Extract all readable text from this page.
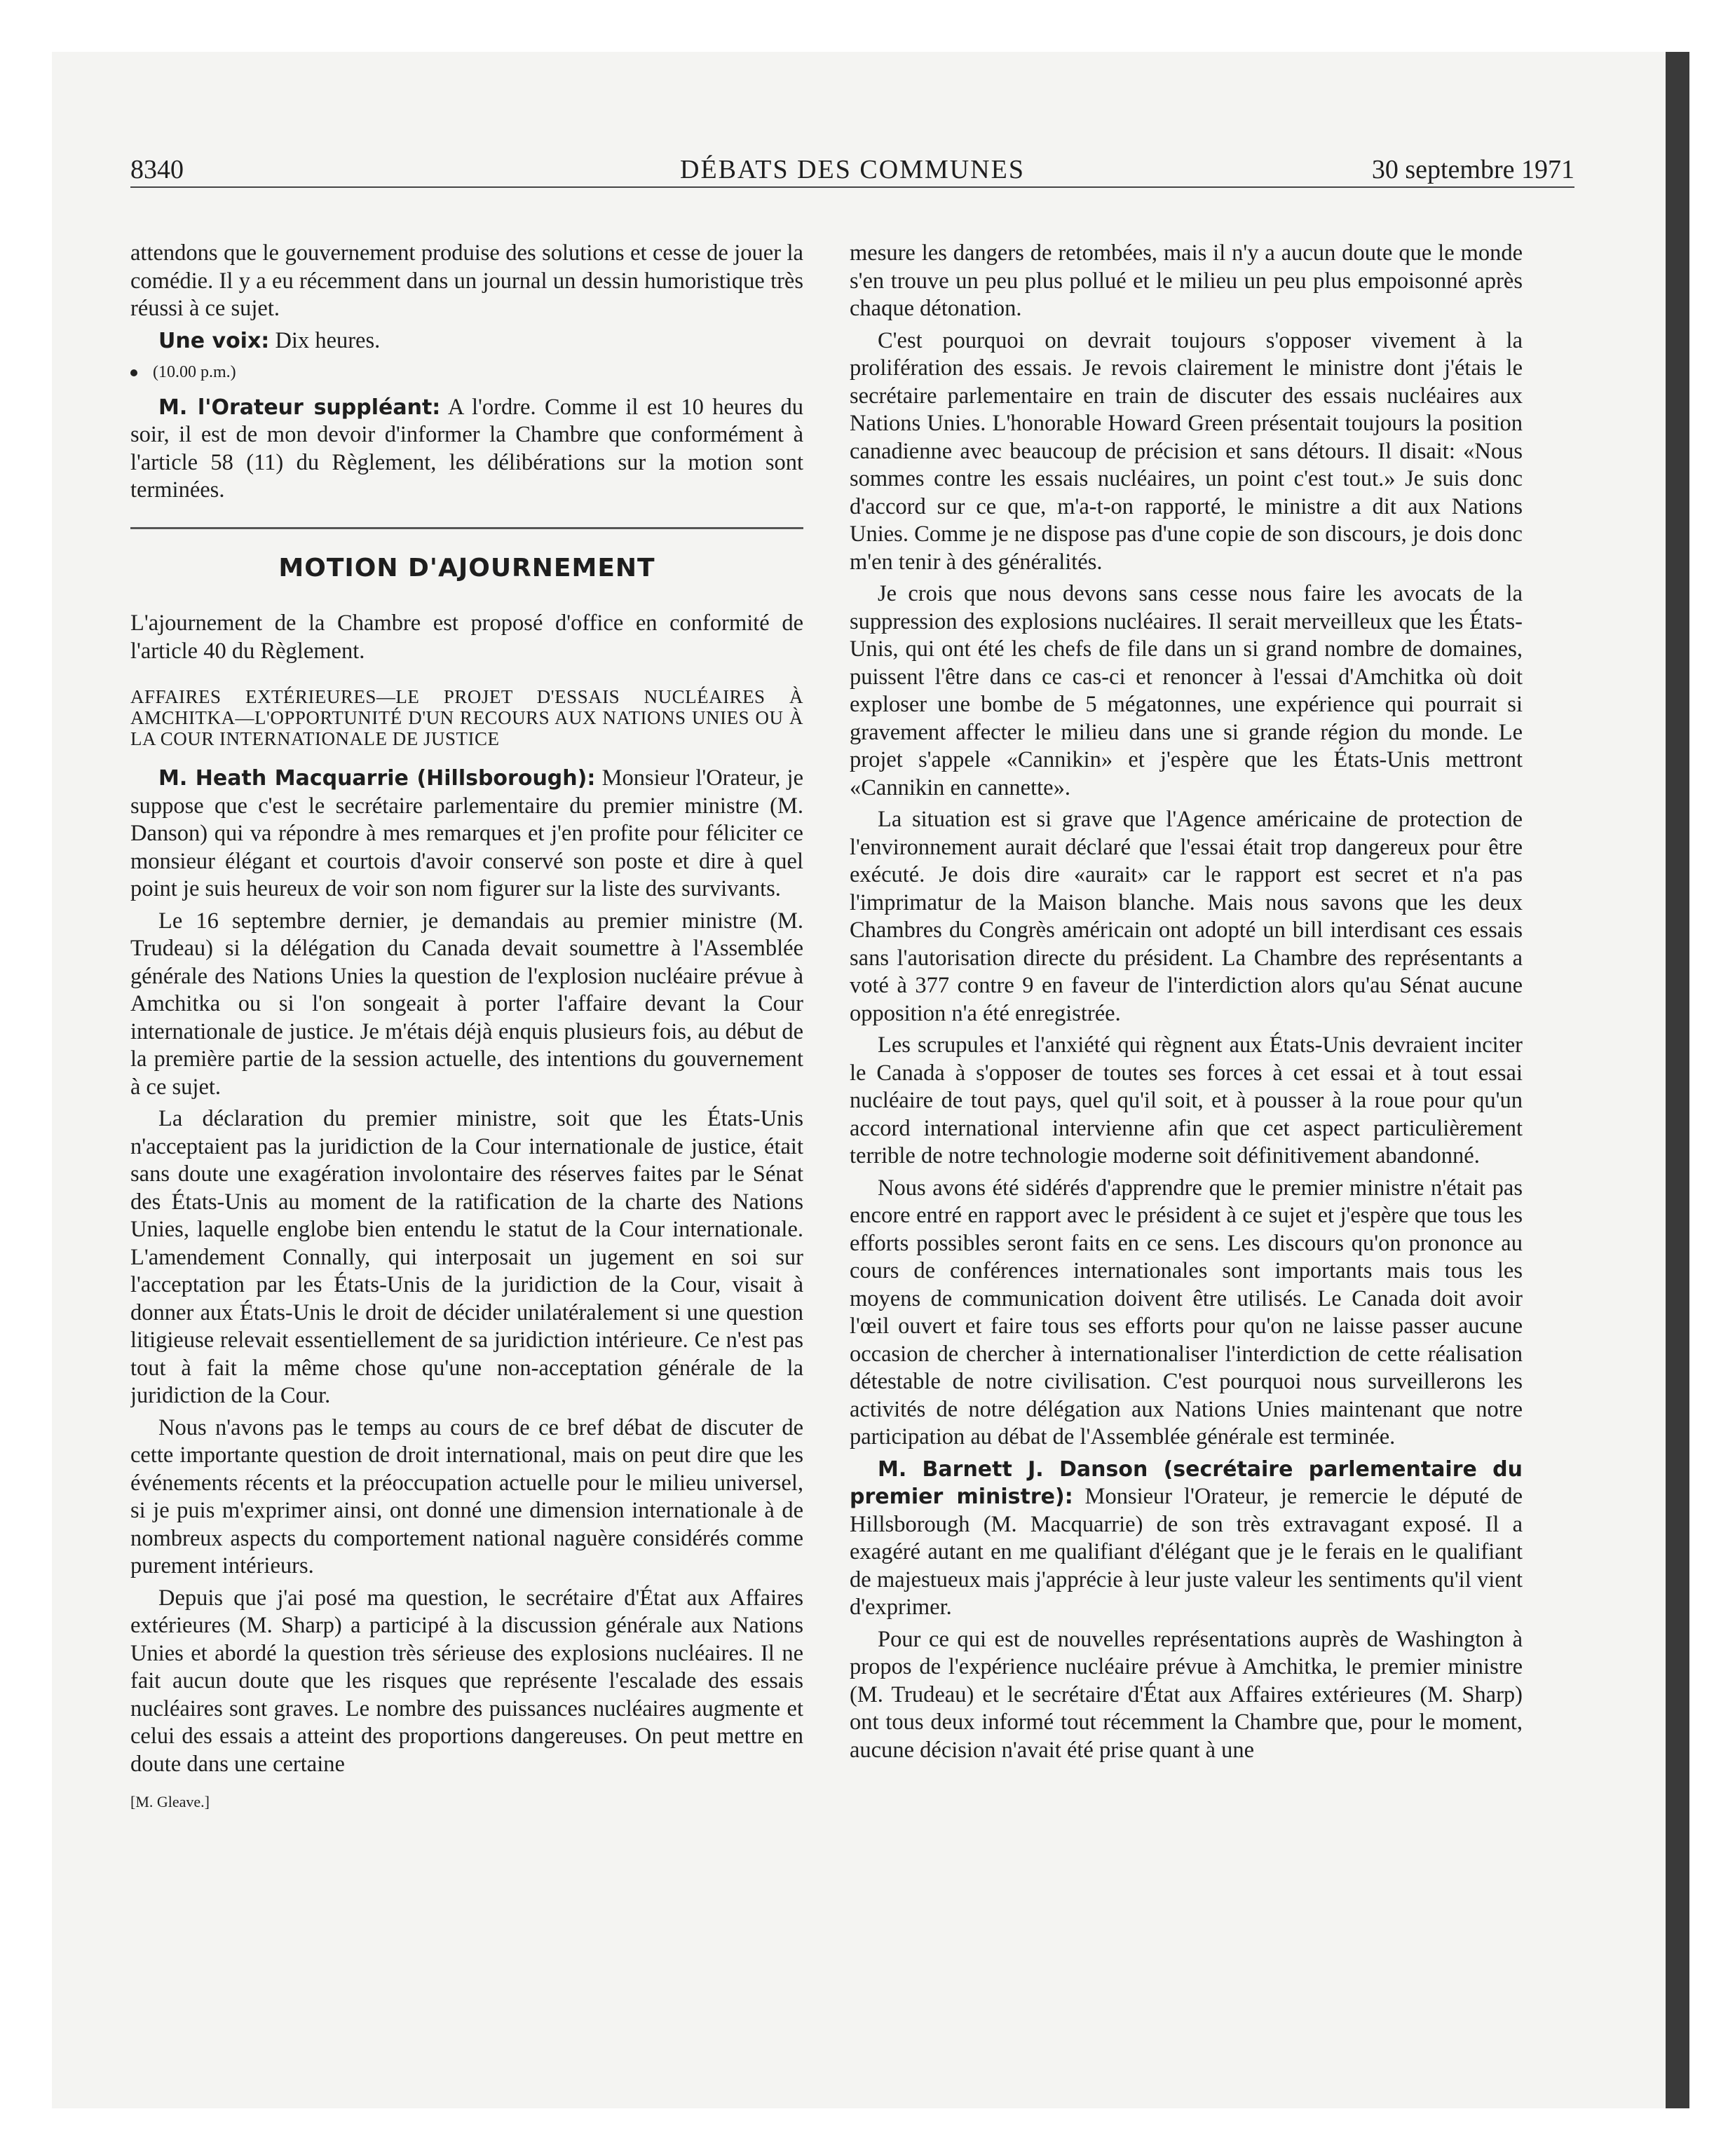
8340	DÉBATS DES COMMUNES	30 septembre 1971

attendons que le gouvernement produise des solutions et cesse de jouer la comédie. Il y a eu récemment dans un journal un dessin humoristique très réussi à ce sujet.

Une voix: Dix heures.

(10.00 p.m.)

M. l'Orateur suppléant: A l'ordre. Comme il est 10 heures du soir, il est de mon devoir d'informer la Chambre que conformément à l'article 58 (11) du Règlement, les délibérations sur la motion sont terminées.

MOTION D'AJOURNEMENT

L'ajournement de la Chambre est proposé d'office en conformité de l'article 40 du Règlement.

AFFAIRES EXTÉRIEURES—LE PROJET D'ESSAIS NUCLÉAIRES À AMCHITKA—L'OPPORTUNITÉ D'UN RECOURS AUX NATIONS UNIES OU À LA COUR INTERNATIONALE DE JUSTICE

M. Heath Macquarrie (Hillsborough): Monsieur l'Orateur, je suppose que c'est le secrétaire parlementaire du premier ministre (M. Danson) qui va répondre à mes remarques et j'en profite pour féliciter ce monsieur élégant et courtois d'avoir conservé son poste et dire à quel point je suis heureux de voir son nom figurer sur la liste des survivants.

Le 16 septembre dernier, je demandais au premier ministre (M. Trudeau) si la délégation du Canada devait soumettre à l'Assemblée générale des Nations Unies la question de l'explosion nucléaire prévue à Amchitka ou si l'on songeait à porter l'affaire devant la Cour internationale de justice. Je m'étais déjà enquis plusieurs fois, au début de la première partie de la session actuelle, des intentions du gouvernement à ce sujet.

La déclaration du premier ministre, soit que les États-Unis n'acceptaient pas la juridiction de la Cour internationale de justice, était sans doute une exagération involontaire des réserves faites par le Sénat des États-Unis au moment de la ratification de la charte des Nations Unies, laquelle englobe bien entendu le statut de la Cour internationale. L'amendement Connally, qui interposait un jugement en soi sur l'acceptation par les États-Unis de la juridiction de la Cour, visait à donner aux États-Unis le droit de décider unilatéralement si une question litigieuse relevait essentiellement de sa juridiction intérieure. Ce n'est pas tout à fait la même chose qu'une non-acceptation générale de la juridiction de la Cour.

Nous n'avons pas le temps au cours de ce bref débat de discuter de cette importante question de droit international, mais on peut dire que les événements récents et la préoccupation actuelle pour le milieu universel, si je puis m'exprimer ainsi, ont donné une dimension internationale à de nombreux aspects du comportement national naguère considérés comme purement intérieurs.

Depuis que j'ai posé ma question, le secrétaire d'État aux Affaires extérieures (M. Sharp) a participé à la discussion générale aux Nations Unies et abordé la question très sérieuse des explosions nucléaires. Il ne fait aucun doute que les risques que représente l'escalade des essais nucléaires sont graves. Le nombre des puissances nucléaires augmente et celui des essais a atteint des proportions dangereuses. On peut mettre en doute dans une certaine

[M. Gleave.]

mesure les dangers de retombées, mais il n'y a aucun doute que le monde s'en trouve un peu plus pollué et le milieu un peu plus empoisonné après chaque détonation.

C'est pourquoi on devrait toujours s'opposer vivement à la prolifération des essais. Je revois clairement le ministre dont j'étais le secrétaire parlementaire en train de discuter des essais nucléaires aux Nations Unies. L'honorable Howard Green présentait toujours la position canadienne avec beaucoup de précision et sans détours. Il disait: «Nous sommes contre les essais nucléaires, un point c'est tout.» Je suis donc d'accord sur ce que, m'a-t-on rapporté, le ministre a dit aux Nations Unies. Comme je ne dispose pas d'une copie de son discours, je dois donc m'en tenir à des généralités.

Je crois que nous devons sans cesse nous faire les avocats de la suppression des explosions nucléaires. Il serait merveilleux que les États-Unis, qui ont été les chefs de file dans un si grand nombre de domaines, puissent l'être dans ce cas-ci et renoncer à l'essai d'Amchitka où doit exploser une bombe de 5 mégatonnes, une expérience qui pourrait si gravement affecter le milieu dans une si grande région du monde. Le projet s'appele «Cannikin» et j'espère que les États-Unis mettront «Cannikin en cannette».

La situation est si grave que l'Agence américaine de protection de l'environnement aurait déclaré que l'essai était trop dangereux pour être exécuté. Je dois dire «aurait» car le rapport est secret et n'a pas l'imprimatur de la Maison blanche. Mais nous savons que les deux Chambres du Congrès américain ont adopté un bill interdisant ces essais sans l'autorisation directe du président. La Chambre des représentants a voté à 377 contre 9 en faveur de l'interdiction alors qu'au Sénat aucune opposition n'a été enregistrée.

Les scrupules et l'anxiété qui règnent aux États-Unis devraient inciter le Canada à s'opposer de toutes ses forces à cet essai et à tout essai nucléaire de tout pays, quel qu'il soit, et à pousser à la roue pour qu'un accord international intervienne afin que cet aspect particulièrement terrible de notre technologie moderne soit définitivement abandonné.

Nous avons été sidérés d'apprendre que le premier ministre n'était pas encore entré en rapport avec le président à ce sujet et j'espère que tous les efforts possibles seront faits en ce sens. Les discours qu'on prononce au cours de conférences internationales sont importants mais tous les moyens de communication doivent être utilisés. Le Canada doit avoir l'œil ouvert et faire tous ses efforts pour qu'on ne laisse passer aucune occasion de chercher à internationaliser l'interdiction de cette réalisation détestable de notre civilisation. C'est pourquoi nous surveillerons les activités de notre délégation aux Nations Unies maintenant que notre participation au débat de l'Assemblée générale est terminée.

M. Barnett J. Danson (secrétaire parlementaire du premier ministre): Monsieur l'Orateur, je remercie le député de Hillsborough (M. Macquarrie) de son très extravagant exposé. Il a exagéré autant en me qualifiant d'élégant que je le ferais en le qualifiant de majestueux mais j'apprécie à leur juste valeur les sentiments qu'il vient d'exprimer.

Pour ce qui est de nouvelles représentations auprès de Washington à propos de l'expérience nucléaire prévue à Amchitka, le premier ministre (M. Trudeau) et le secrétaire d'État aux Affaires extérieures (M. Sharp) ont tous deux informé tout récemment la Chambre que, pour le moment, aucune décision n'avait été prise quant à une
